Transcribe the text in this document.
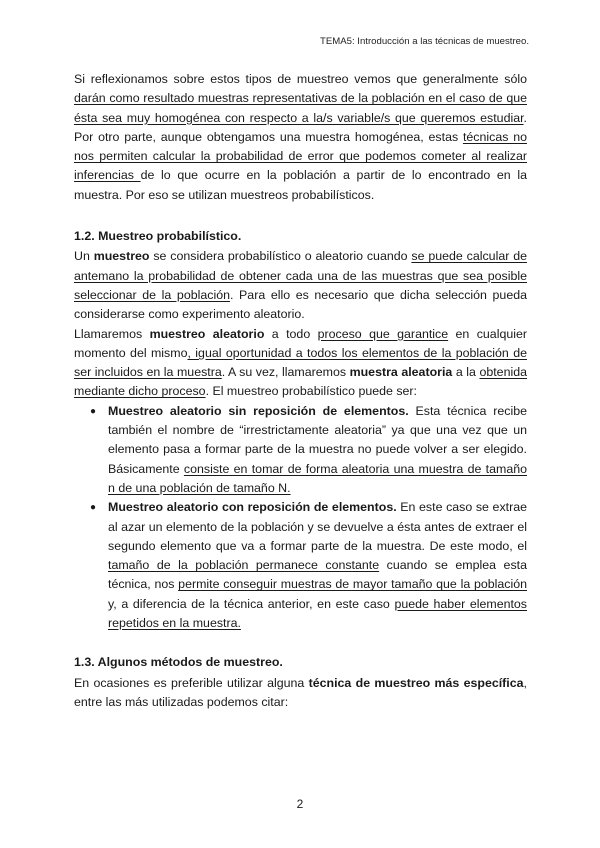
TEMA5: Introducción a las técnicas de muestreo.

Si reflexionamos sobre estos tipos de muestreo vemos que generalmente sólo darán como resultado muestras representativas de la población en el caso de que ésta sea muy homogénea con respecto a la/s variable/s que queremos estudiar. Por otro parte, aunque obtengamos una muestra homogénea, estas técnicas no nos permiten calcular la probabilidad de error que podemos cometer al realizar inferencias de lo que ocurre en la población a partir de lo encontrado en la muestra. Por eso se utilizan muestreos probabilísticos.

1.2. Muestreo probabilístico.

Un muestreo se considera probabilístico o aleatorio cuando se puede calcular de antemano la probabilidad de obtener cada una de las muestras que sea posible seleccionar de la población. Para ello es necesario que dicha selección pueda considerarse como experimento aleatorio.

Llamaremos muestreo aleatorio a todo proceso que garantice en cualquier momento del mismo, igual oportunidad a todos los elementos de la población de ser incluidos en la muestra. A su vez, llamaremos muestra aleatoria a la obtenida mediante dicho proceso. El muestreo probabilístico puede ser:

● Muestreo aleatorio sin reposición de elementos. Esta técnica recibe también el nombre de “irrestrictamente aleatoria” ya que una vez que un elemento pasa a formar parte de la muestra no puede volver a ser elegido. Básicamente consiste en tomar de forma aleatoria una muestra de tamaño n de una población de tamaño N.
● Muestreo aleatorio con reposición de elementos. En este caso se extrae al azar un elemento de la población y se devuelve a ésta antes de extraer el segundo elemento que va a formar parte de la muestra. De este modo, el tamaño de la población permanece constante cuando se emplea esta técnica, nos permite conseguir muestras de mayor tamaño que la población y, a diferencia de la técnica anterior, en este caso puede haber elementos repetidos en la muestra.

1.3. Algunos métodos de muestreo.

En ocasiones es preferible utilizar alguna técnica de muestreo más específica, entre las más utilizadas podemos citar:

2
